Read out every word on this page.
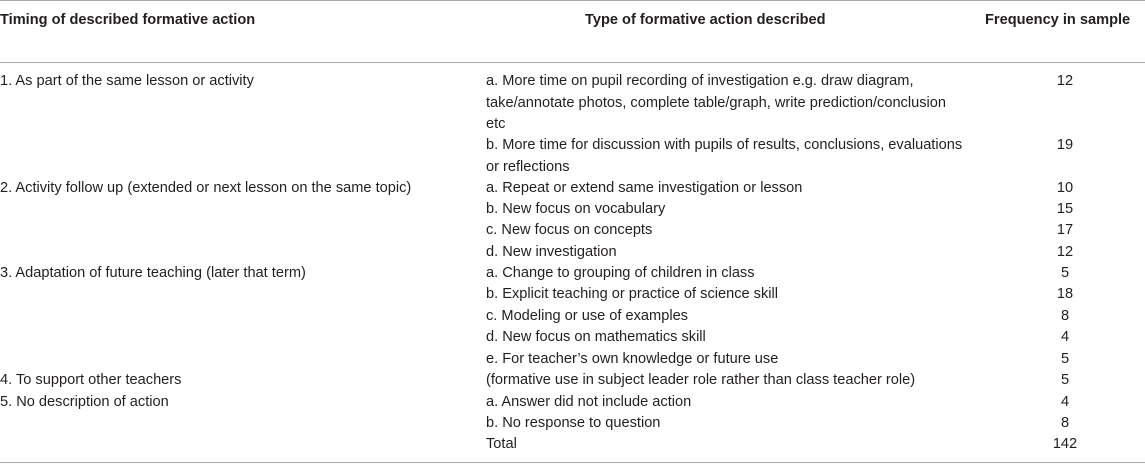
Timing of described formative action	Type of formative action described	Frequency in sample
1. As part of the same lesson or activity
2. Activity follow up (extended or next lesson on the same topic)
3. Adaptation of future teaching (later that term)
4. To support other teachers
5. No description of action
a. More time on pupil recording of investigation e.g. draw diagram, take/annotate photos, complete table/graph, write prediction/conclusion etc
b. More time for discussion with pupils of results, conclusions, evaluations or reflections
a. Repeat or extend same investigation or lesson
b. New focus on vocabulary
c. New focus on concepts
d. New investigation
a. Change to grouping of children in class
b. Explicit teaching or practice of science skill
c. Modeling or use of examples
d. New focus on mathematics skill
e. For teacher’s own knowledge or future use
(formative use in subject leader role rather than class teacher role)
a. Answer did not include action
b. No response to question
Total
12
19
10
15
17
12
5
18
8
4
5
5
4
8
142
